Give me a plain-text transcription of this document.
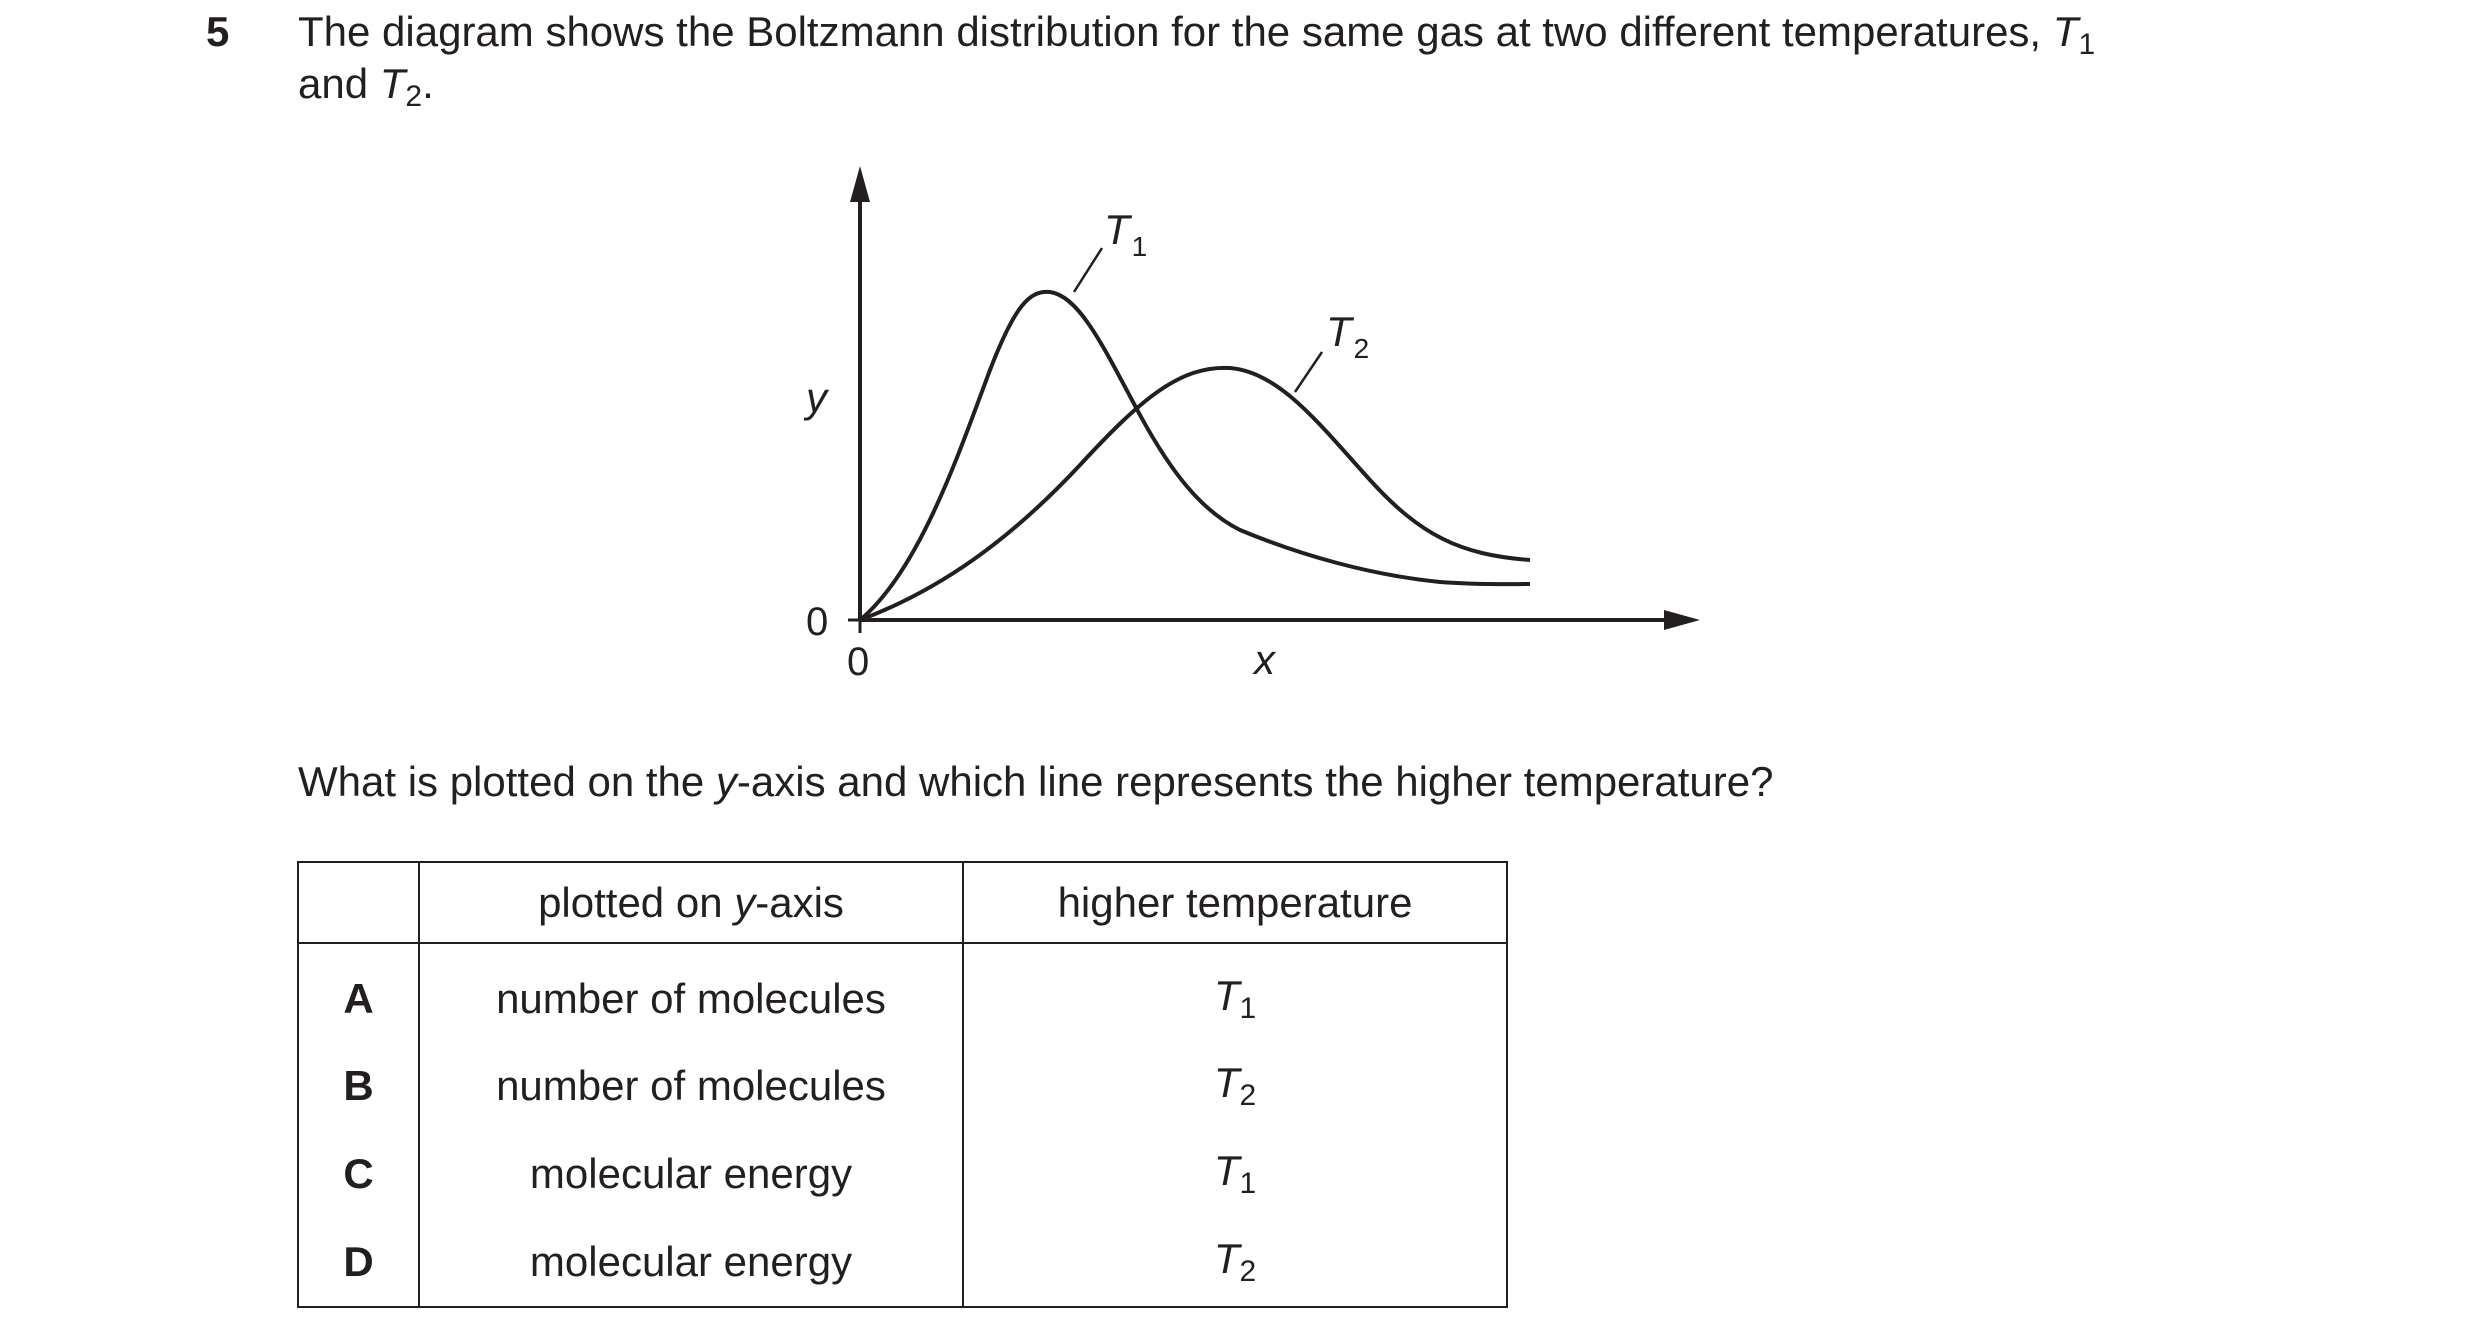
5 The diagram shows the Boltzmann distribution for the same gas at two different temperatures, $T_1$
and $T_2$.
$T_1$
$T_2$
y
x
0
0
What is plotted on the y-axis and which line represents the higher temperature?
	plotted on y-axis	higher temperature
A	number of molecules	$T_1$
B	number of molecules	$T_2$
C	molecular energy	$T_1$
D	molecular energy	$T_2$
